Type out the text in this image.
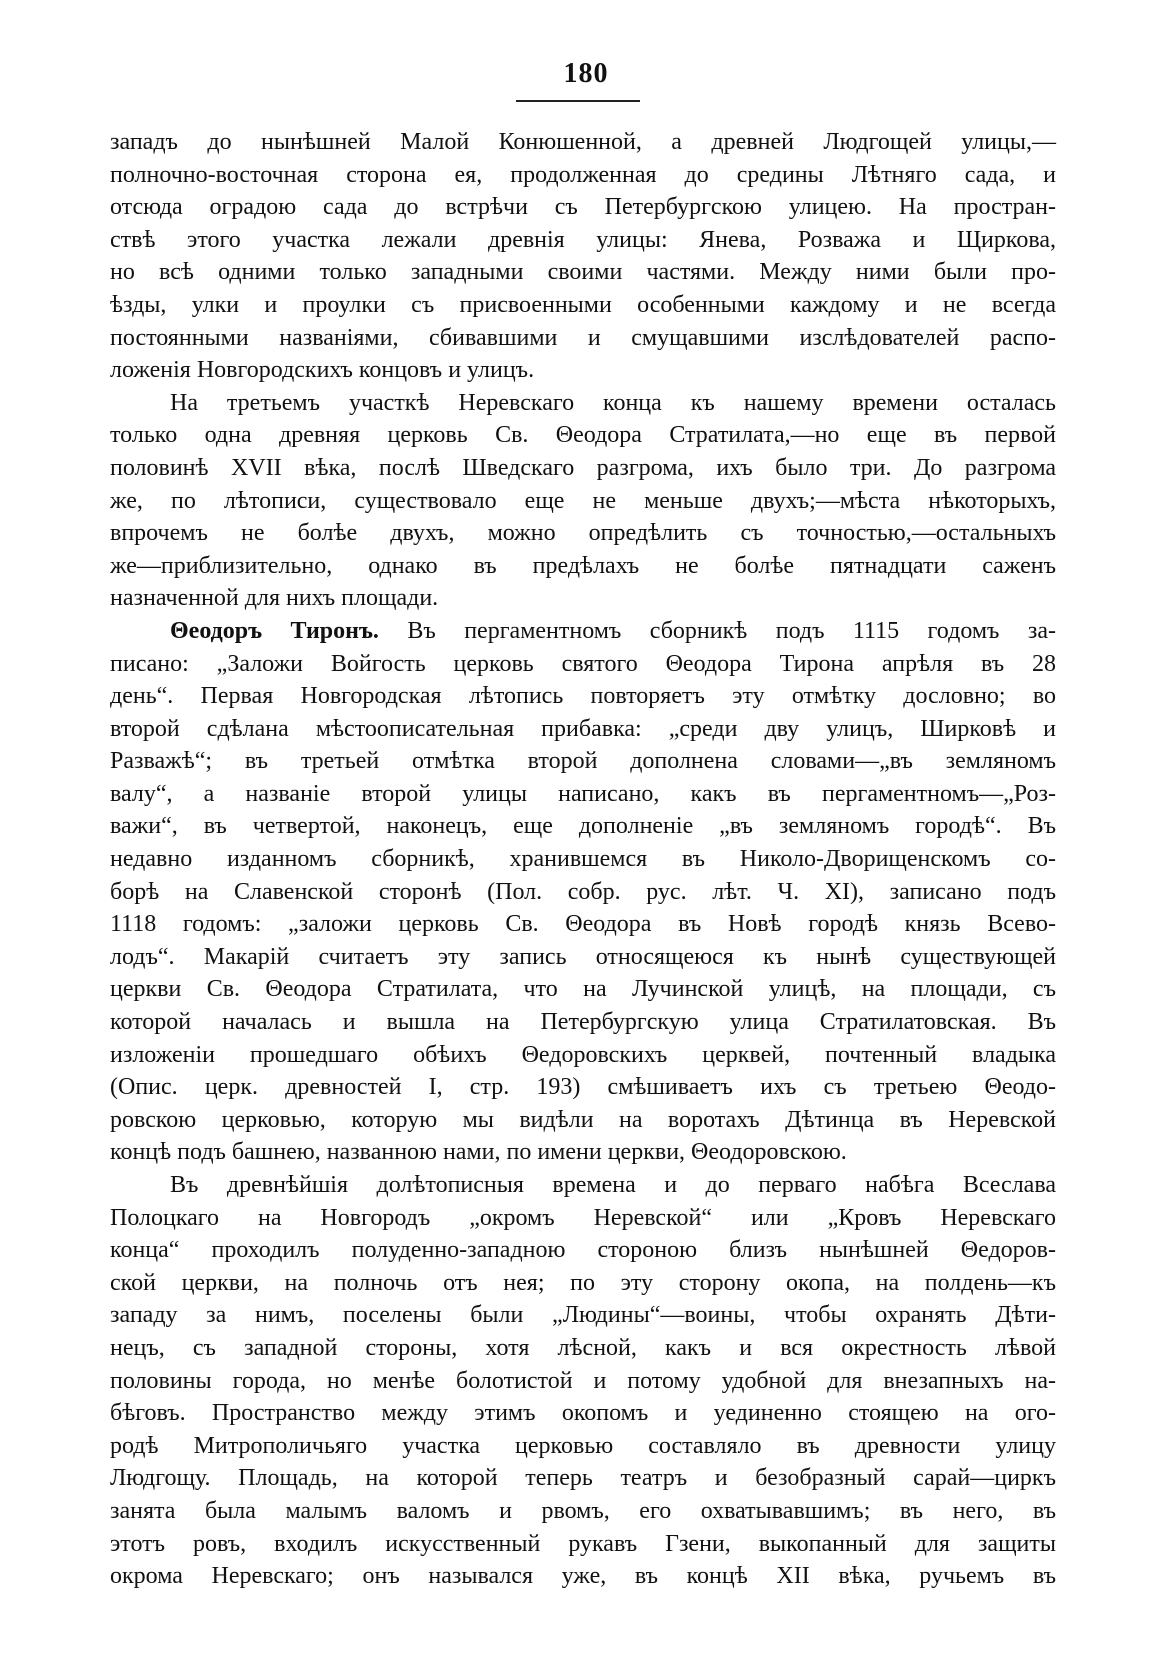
180
западъ до нынѣшней Малой Конюшенной, а древней Людгощей улицы,—
полночно-восточная сторона ея, продолженная до средины Лѣтняго сада, и
отсюда оградою сада до встрѣчи съ Петербургскою улицею. На простран-
ствѣ этого участка лежали древнія улицы: Янева, Розважа и Щиркова,
но всѣ одними только западными своими частями. Между ними были про-
ѣзды, улки и проулки съ присвоенными особенными каждому и не всегда
постоянными названіями, сбивавшими и смущавшими изслѣдователей распо-
ложенія Новгородскихъ концовъ и улицъ.
На третьемъ участкѣ Неревскаго конца къ нашему времени осталась
только одна древняя церковь Св. Θеодора Стратилата,—но еще въ первой
половинѣ XVII вѣка, послѣ Шведскаго разгрома, ихъ было три. До разгрома
же, по лѣтописи, существовало еще не меньше двухъ;—мѣста нѣкоторыхъ,
впрочемъ не болѣе двухъ, можно опредѣлить съ точностью,—остальныхъ
же—приблизительно, однако въ предѣлахъ не болѣе пятнадцати саженъ
назначенной для нихъ площади.
Θеодоръ Тиронъ. Въ пергаментномъ сборникѣ подъ 1115 годомъ за-
писано: „Заложи Войгость церковь святого Θеодора Тирона апрѣля въ 28
день“. Первая Новгородская лѣтопись повторяетъ эту отмѣтку дословно; во
второй сдѣлана мѣстоописательная прибавка: „среди дву улицъ, Ширковѣ и
Разважѣ“; въ третьей отмѣтка второй дополнена словами—„въ земляномъ
валу“, а названіе второй улицы написано, какъ въ пергаментномъ—„Роз-
важи“, въ четвертой, наконецъ, еще дополненіе „въ земляномъ городѣ“. Въ
недавно изданномъ сборникѣ, хранившемся въ Николо-Дворищенскомъ со-
борѣ на Славенской сторонѣ (Пол. собр. рус. лѣт. Ч. XI), записано подъ
1118 годомъ: „заложи церковь Св. Θеодора въ Новѣ городѣ князь Всево-
лодъ“. Макарій считаетъ эту запись относящеюся къ нынѣ существующей
церкви Св. Θеодора Стратилата, что на Лучинской улицѣ, на площади, съ
которой началась и вышла на Петербургскую улица Стратилатовская. Въ
изложеніи прошедшаго обѣихъ Θедоровскихъ церквей, почтенный владыка
(Опис. церк. древностей I, стр. 193) смѣшиваетъ ихъ съ третьею Θеодо-
ровскою церковью, которую мы видѣли на воротахъ Дѣтинца въ Неревской
концѣ подъ башнею, названною нами, по имени церкви, Θеодоровскою.
Въ древнѣйшія долѣтописныя времена и до перваго набѣга Всеслава
Полоцкаго на Новгородъ „окромъ Неревской“ или „Кровъ Неревскаго
конца“ проходилъ полуденно-западною стороною близъ нынѣшней Θедоров-
ской церкви, на полночь отъ нея; по эту сторону окопа, на полдень—къ
западу за нимъ, поселены были „Людины“—воины, чтобы охранять Дѣти-
нецъ, съ западной стороны, хотя лѣсной, какъ и вся окрестность лѣвой
половины города, но менѣе болотистой и потому удобной для внезапныхъ на-
бѣговъ. Пространство между этимъ окопомъ и уединенно стоящею на ого-
родѣ Митрополичьяго участка церковью составляло въ древности улицу
Людгощу. Площадь, на которой теперь театръ и безобразный сарай—циркъ
занята была малымъ валомъ и рвомъ, его охватывавшимъ; въ него, въ
этотъ ровъ, входилъ искусственный рукавъ Гзени, выкопанный для защиты
окрома Неревскаго; онъ назывался уже, въ концѣ XII вѣка, ручьемъ въ
